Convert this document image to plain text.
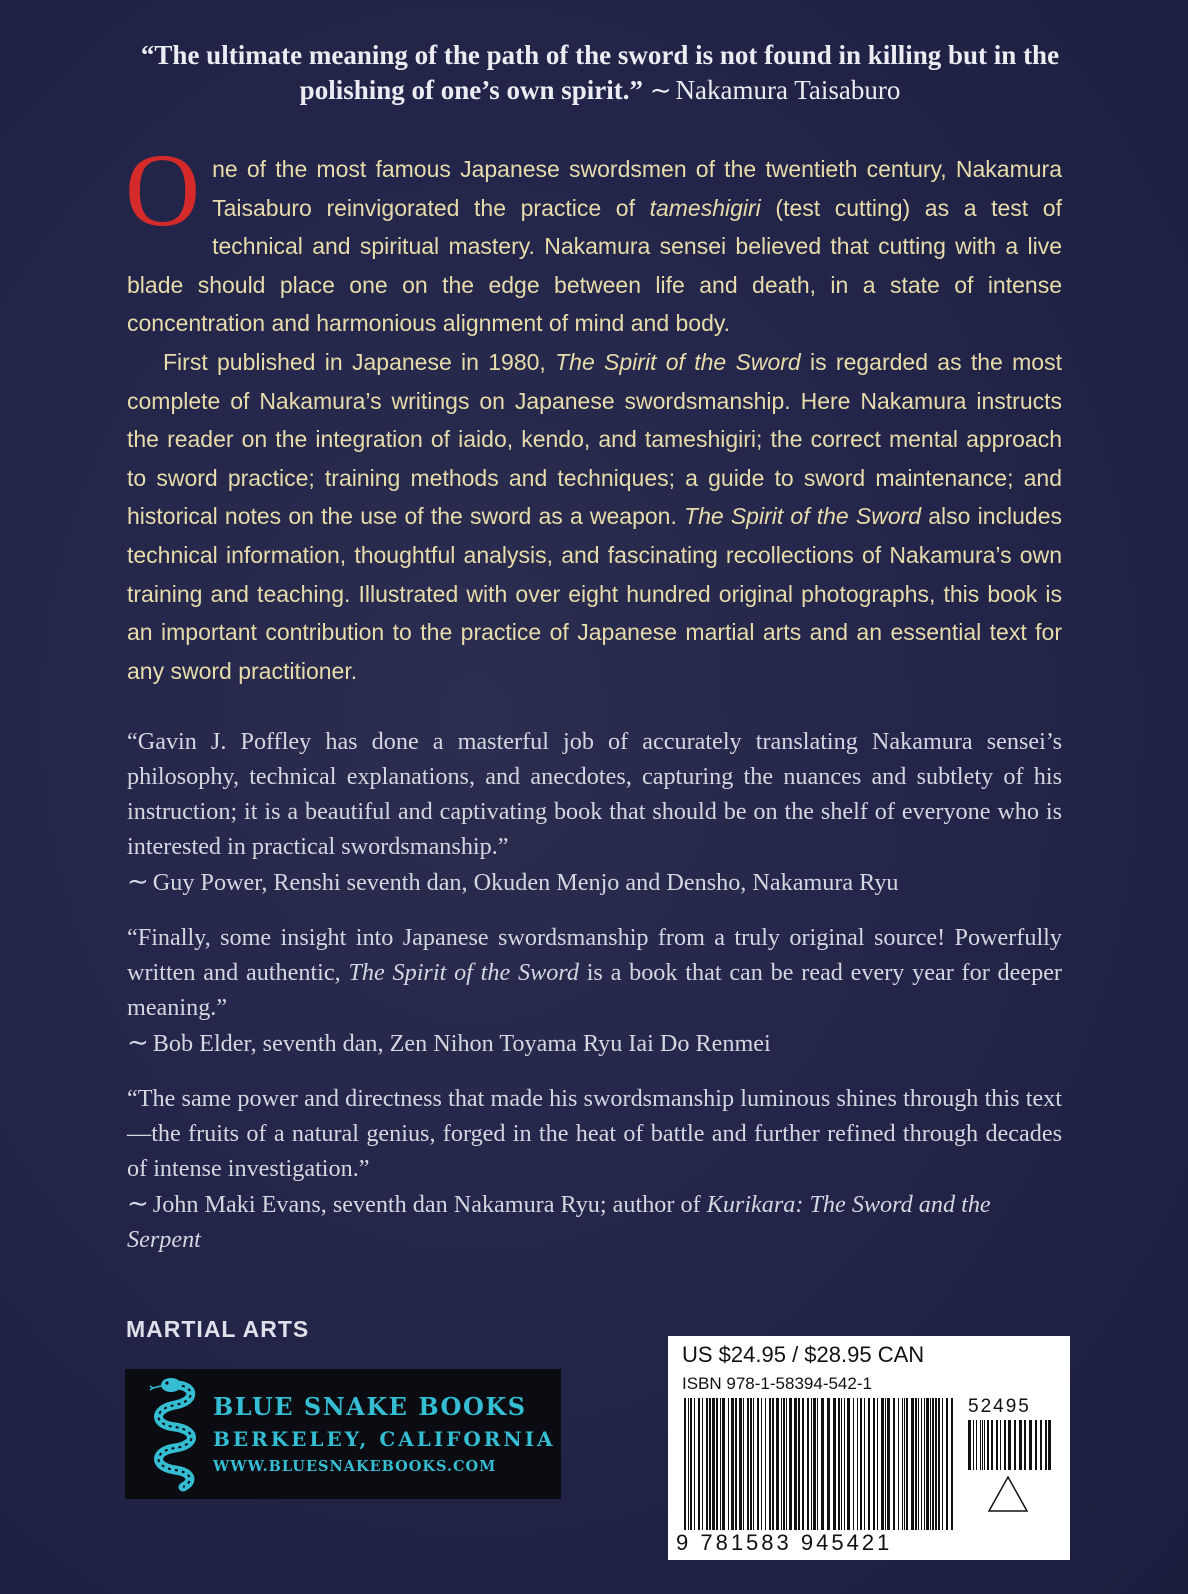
“The ultimate meaning of the path of the sword is not found in killing but in the polishing of one’s own spirit.” ∼ Nakamura Taisaburo

One of the most famous Japanese swordsmen of the twentieth century, Nakamura Taisaburo reinvigorated the practice of tameshigiri (test cutting) as a test of technical and spiritual mastery. Nakamura sensei believed that cutting with a live blade should place one on the edge between life and death, in a state of intense concentration and harmonious alignment of mind and body.

First published in Japanese in 1980, The Spirit of the Sword is regarded as the most complete of Nakamura’s writings on Japanese swordsmanship. Here Nakamura instructs the reader on the integration of iaido, kendo, and tameshigiri; the correct mental approach to sword practice; training methods and techniques; a guide to sword maintenance; and historical notes on the use of the sword as a weapon. The Spirit of the Sword also includes technical information, thoughtful analysis, and fascinating recollections of Nakamura’s own training and teaching. Illustrated with over eight hundred original photographs, this book is an important contribution to the practice of Japanese martial arts and an essential text for any sword practitioner.

“Gavin J. Poffley has done a masterful job of accurately translating Nakamura sensei’s philosophy, technical explanations, and anecdotes, capturing the nuances and subtlety of his instruction; it is a beautiful and captivating book that should be on the shelf of everyone who is interested in practical swordsmanship.”

∼ Guy Power, Renshi seventh dan, Okuden Menjo and Densho, Nakamura Ryu

“Finally, some insight into Japanese swordsmanship from a truly original source! Powerfully written and authentic, The Spirit of the Sword is a book that can be read every year for deeper meaning.”

∼ Bob Elder, seventh dan, Zen Nihon Toyama Ryu Iai Do Renmei

“The same power and directness that made his swordsmanship luminous shines through this text—the fruits of a natural genius, forged in the heat of battle and further refined through decades of intense investigation.”

∼ John Maki Evans, seventh dan Nakamura Ryu; author of Kurikara: The Sword and the Serpent

MARTIAL ARTS
BLUE SNAKE BOOKS
BERKELEY, CALIFORNIA
WWW.BLUESNAKEBOOKS.COM
US $24.95 / $28.95 CAN
ISBN 978-1-58394-542-1
52495
9 781583 945421
